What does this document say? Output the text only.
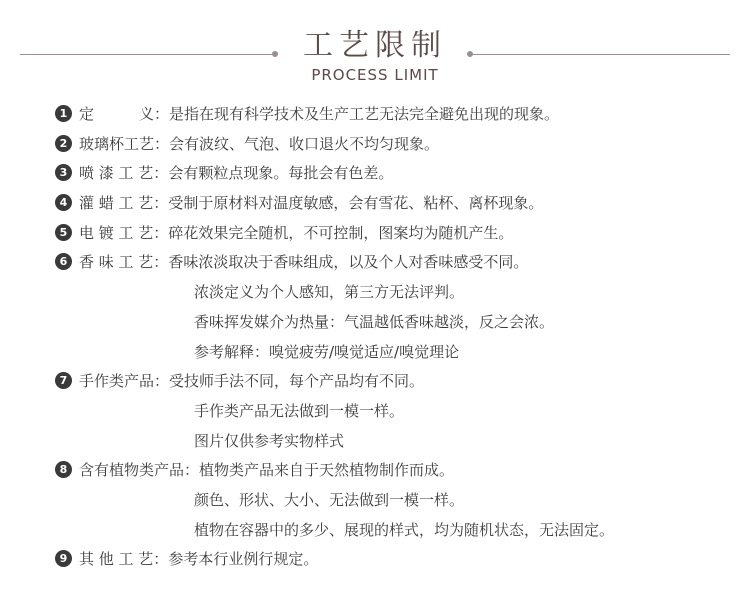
工艺限制
PROCESS LIMIT
1 定　　　义：是指在现有科学技术及生产工艺无法完全避免出现的现象。
2 玻璃杯工艺：会有波纹、气泡、收口退火不均匀现象。
3 喷 漆 工 艺：会有颗粒点现象。每批会有色差。
4 灌 蜡 工 艺：受制于原材料对温度敏感，会有雪花、粘杯、离杯现象。
5 电 镀 工 艺：碎花效果完全随机，不可控制，图案均为随机产生。
6 香 味 工 艺：香味浓淡取决于香味组成，以及个人对香味感受不同。
浓淡定义为个人感知，第三方无法评判。
香味挥发媒介为热量：气温越低香味越淡，反之会浓。
参考解释：嗅觉疲劳/嗅觉适应/嗅觉理论
7 手作类产品：受技师手法不同，每个产品均有不同。
手作类产品无法做到一模一样。
图片仅供参考实物样式
8 含有植物类产品：植物类产品来自于天然植物制作而成。
颜色、形状、大小、无法做到一模一样。
植物在容器中的多少、展现的样式，均为随机状态，无法固定。
9 其 他 工 艺：参考本行业例行规定。
